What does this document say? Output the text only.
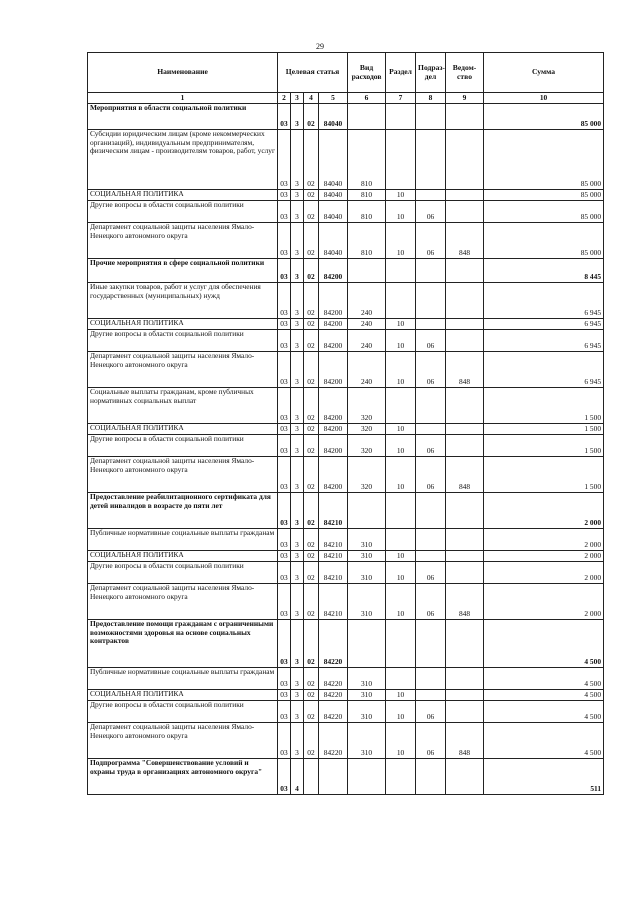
29
Наименование	Целевая статья				Вид расходов	Раздел	Подраз-дел	Ведом-ство	Сумма
1	2	3	4	5	6	7	8	9	10
Мероприятия в области социальной политики	03	3	02	84040					85 000
Субсидии юридическим лицам (кроме некоммерческих организаций), индивидуальным предпринимателям, физическим лицам - производителям товаров, работ, услуг	03	3	02	84040	810				85 000
СОЦИАЛЬНАЯ ПОЛИТИКА	03	3	02	84040	810	10			85 000
Другие вопросы в области социальной политики	03	3	02	84040	810	10	06		85 000
Департамент социальной защиты населения Ямало-Ненецкого автономного округа	03	3	02	84040	810	10	06	848	85 000
Прочие мероприятия в сфере социальной политики	03	3	02	84200					8 445
Иные закупки товаров, работ и услуг для обеспечения государственных (муниципальных) нужд	03	3	02	84200	240				6 945
СОЦИАЛЬНАЯ ПОЛИТИКА	03	3	02	84200	240	10			6 945
Другие вопросы в области социальной политики	03	3	02	84200	240	10	06		6 945
Департамент социальной защиты населения Ямало-Ненецкого автономного округа	03	3	02	84200	240	10	06	848	6 945
Социальные выплаты гражданам, кроме публичных нормативных социальных выплат	03	3	02	84200	320				1 500
СОЦИАЛЬНАЯ ПОЛИТИКА	03	3	02	84200	320	10			1 500
Другие вопросы в области социальной политики	03	3	02	84200	320	10	06		1 500
Департамент социальной защиты населения Ямало-Ненецкого автономного округа	03	3	02	84200	320	10	06	848	1 500
Предоставление реабилитационного сертификата для детей инвалидов в возрасте до пяти лет	03	3	02	84210					2 000
Публичные нормативные социальные выплаты гражданам	03	3	02	84210	310				2 000
СОЦИАЛЬНАЯ ПОЛИТИКА	03	3	02	84210	310	10			2 000
Другие вопросы в области социальной политики	03	3	02	84210	310	10	06		2 000
Департамент социальной защиты населения Ямало-Ненецкого автономного округа	03	3	02	84210	310	10	06	848	2 000
Предоставление помощи гражданам с ограниченными возможностями здоровья на основе социальных контрактов	03	3	02	84220					4 500
Публичные нормативные социальные выплаты гражданам	03	3	02	84220	310				4 500
СОЦИАЛЬНАЯ ПОЛИТИКА	03	3	02	84220	310	10			4 500
Другие вопросы в области социальной политики	03	3	02	84220	310	10	06		4 500
Департамент социальной защиты населения Ямало-Ненецкого автономного округа	03	3	02	84220	310	10	06	848	4 500
Подпрограмма "Совершенствование условий и охраны труда в организациях автономного округа"	03	4							511
